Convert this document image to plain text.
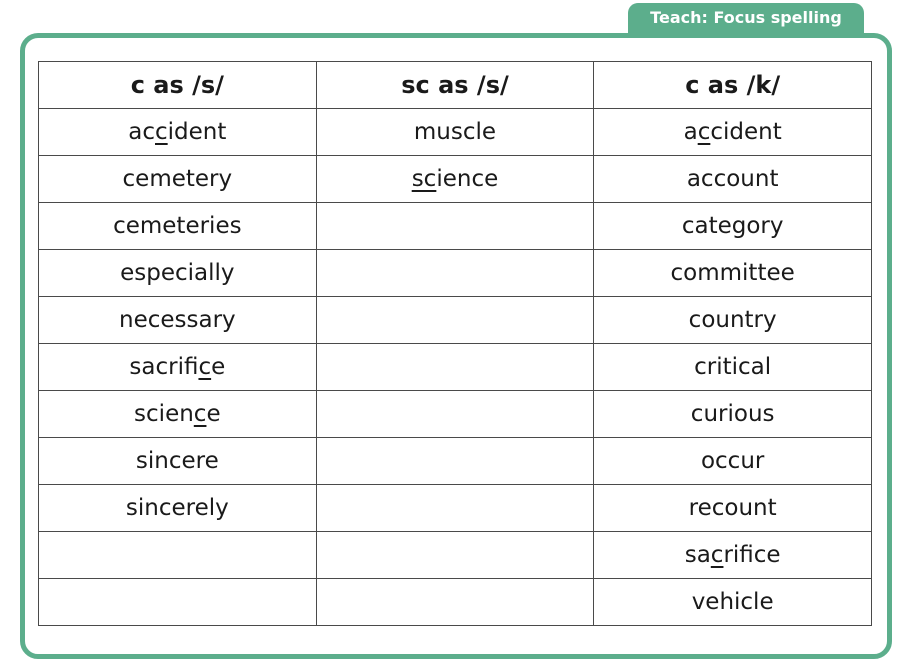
Teach: Focus spelling
c as /s/	sc as /s/	c as /k/
accident	muscle	accident
cemetery	science	account
cemeteries		category
especially		committee
necessary		country
sacrifice		critical
science		curious
sincere		occur
sincerely		recount
		sacrifice
		vehicle
